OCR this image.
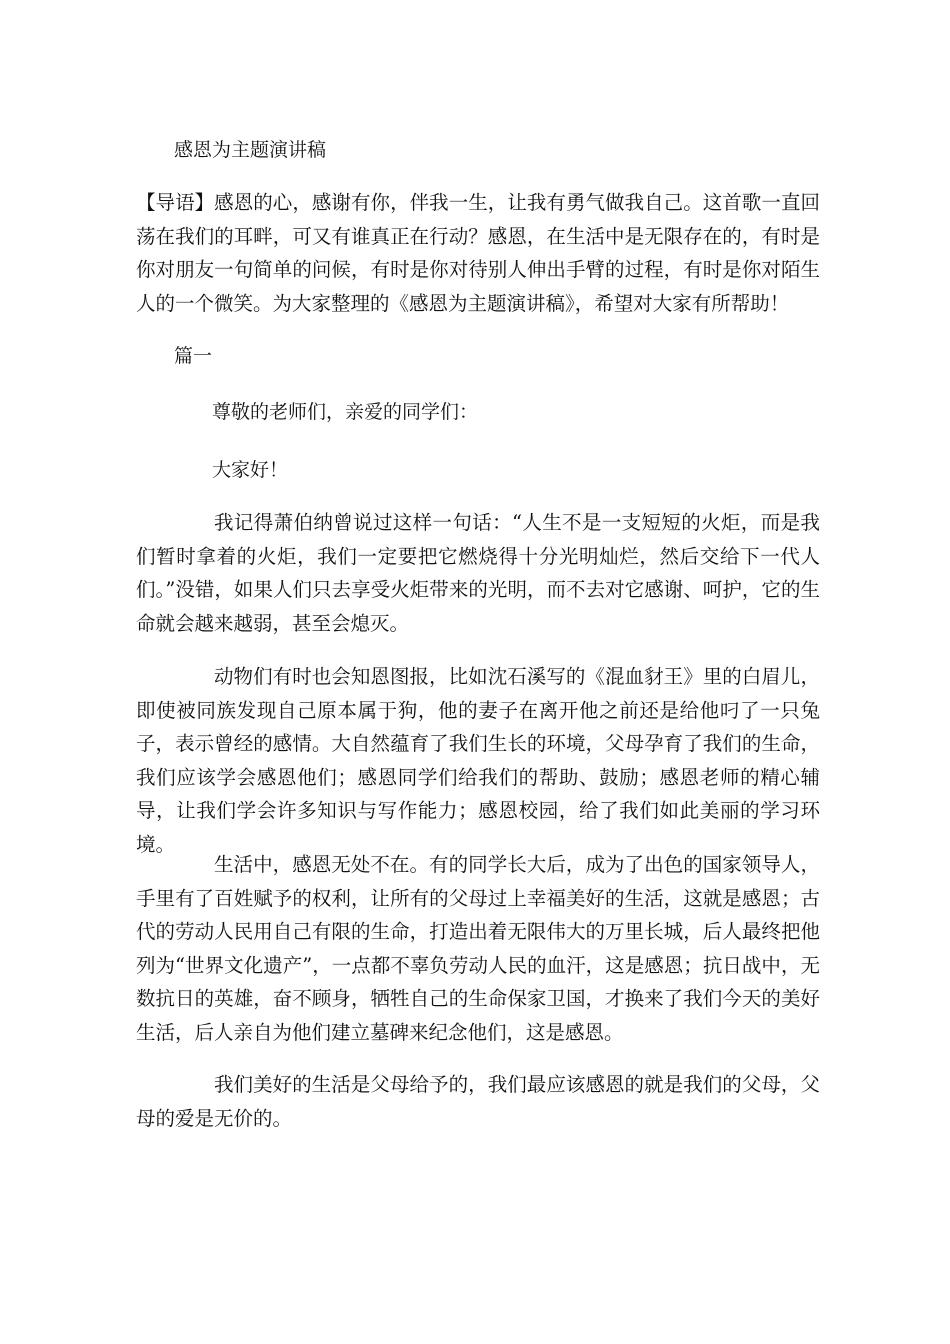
感恩为主题演讲稿

【导语】感恩的心，感谢有你，伴我一生，让我有勇气做我自己。这首歌一直回荡在我们的耳畔，可又有谁真正在行动？感恩，在生活中是无限存在的，有时是你对朋友一句简单的问候，有时是你对待别人伸出手臂的过程，有时是你对陌生人的一个微笑。为大家整理的《感恩为主题演讲稿》，希望对大家有所帮助！

篇一
尊敬的老师们，亲爱的同学们：
大家好！

我记得萧伯纳曾说过这样一句话：“人生不是一支短短的火炬，而是我们暂时拿着的火炬，我们一定要把它燃烧得十分光明灿烂，然后交给下一代人们。”没错，如果人们只去享受火炬带来的光明，而不去对它感谢、呵护，它的生命就会越来越弱，甚至会熄灭。

动物们有时也会知恩图报，比如沈石溪写的《混血豺王》里的白眉儿，即使被同族发现自己原本属于狗，他的妻子在离开他之前还是给他叼了一只兔子，表示曾经的感情。大自然蕴育了我们生长的环境，父母孕育了我们的生命，我们应该学会感恩他们；感恩同学们给我们的帮助、鼓励；感恩老师的精心辅导，让我们学会许多知识与写作能力；感恩校园，给了我们如此美丽的学习环境。

生活中，感恩无处不在。有的同学长大后，成为了出色的国家领导人，手里有了百姓赋予的权利，让所有的父母过上幸福美好的生活，这就是感恩；古代的劳动人民用自己有限的生命，打造出着无限伟大的万里长城，后人最终把他列为“世界文化遗产”，一点都不辜负劳动人民的血汗，这是感恩；抗日战中，无数抗日的英雄，奋不顾身，牺牲自己的生命保家卫国，才换来了我们今天的美好生活，后人亲自为他们建立墓碑来纪念他们，这是感恩。

我们美好的生活是父母给予的，我们最应该感恩的就是我们的父母，父母的爱是无价的。
